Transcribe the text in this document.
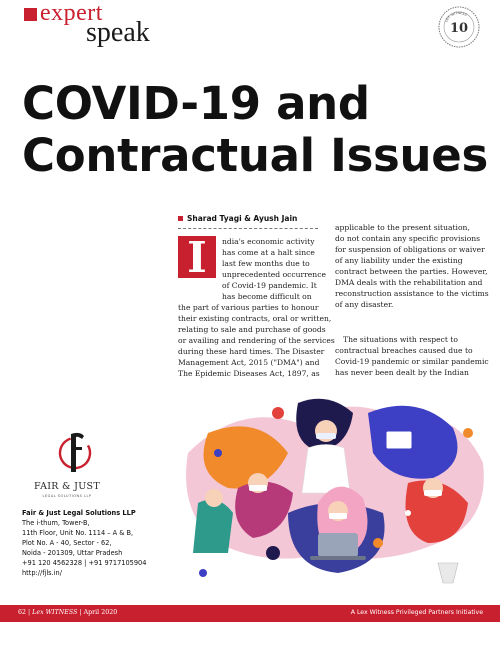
expert
speak	LEX WITNESS
10
COVID-19 and
Contractual Issues
Sharad Tyagi & Ayush Jain
I	ndia's economic activity

has come at a halt since

last few months due to

unprecedented occurrence

of Covid-19 pandemic. It

has become difficult on

the part of various parties to honour

their existing contracts, oral or written,

relating to sale and purchase of goods

or availing and rendering of the services

during these hard times. The Disaster

Management Act, 2015 ("DMA") and

The Epidemic Diseases Act, 1897, as

applicable to the present situation,

do not contain any specific provisions

for suspension of obligations or waiver

of any liability under the existing

contract between the parties. However,

DMA deals with the rehabilitation and

reconstruction assistance to the victims

of any disaster.

The situations with respect to

contractual breaches caused due to

Covid-19 pandemic or similar pandemic

has never been dealt by the Indian

FAIR & JUST
LEGAL SOLUTIONS LLP
Fair & Just Legal Solutions LLP
The i-thum, Tower-B,
11th Floor, Unit No. 1114 – A & B,
Plot No. A - 40, Sector - 62,
Noida - 201309, Uttar Pradesh
+91 120 4562328 | +91 9717105904
http://fjls.in/
62 | Lex WITNESS | April 2020	A Lex Witness Privileged Partners Initiative
